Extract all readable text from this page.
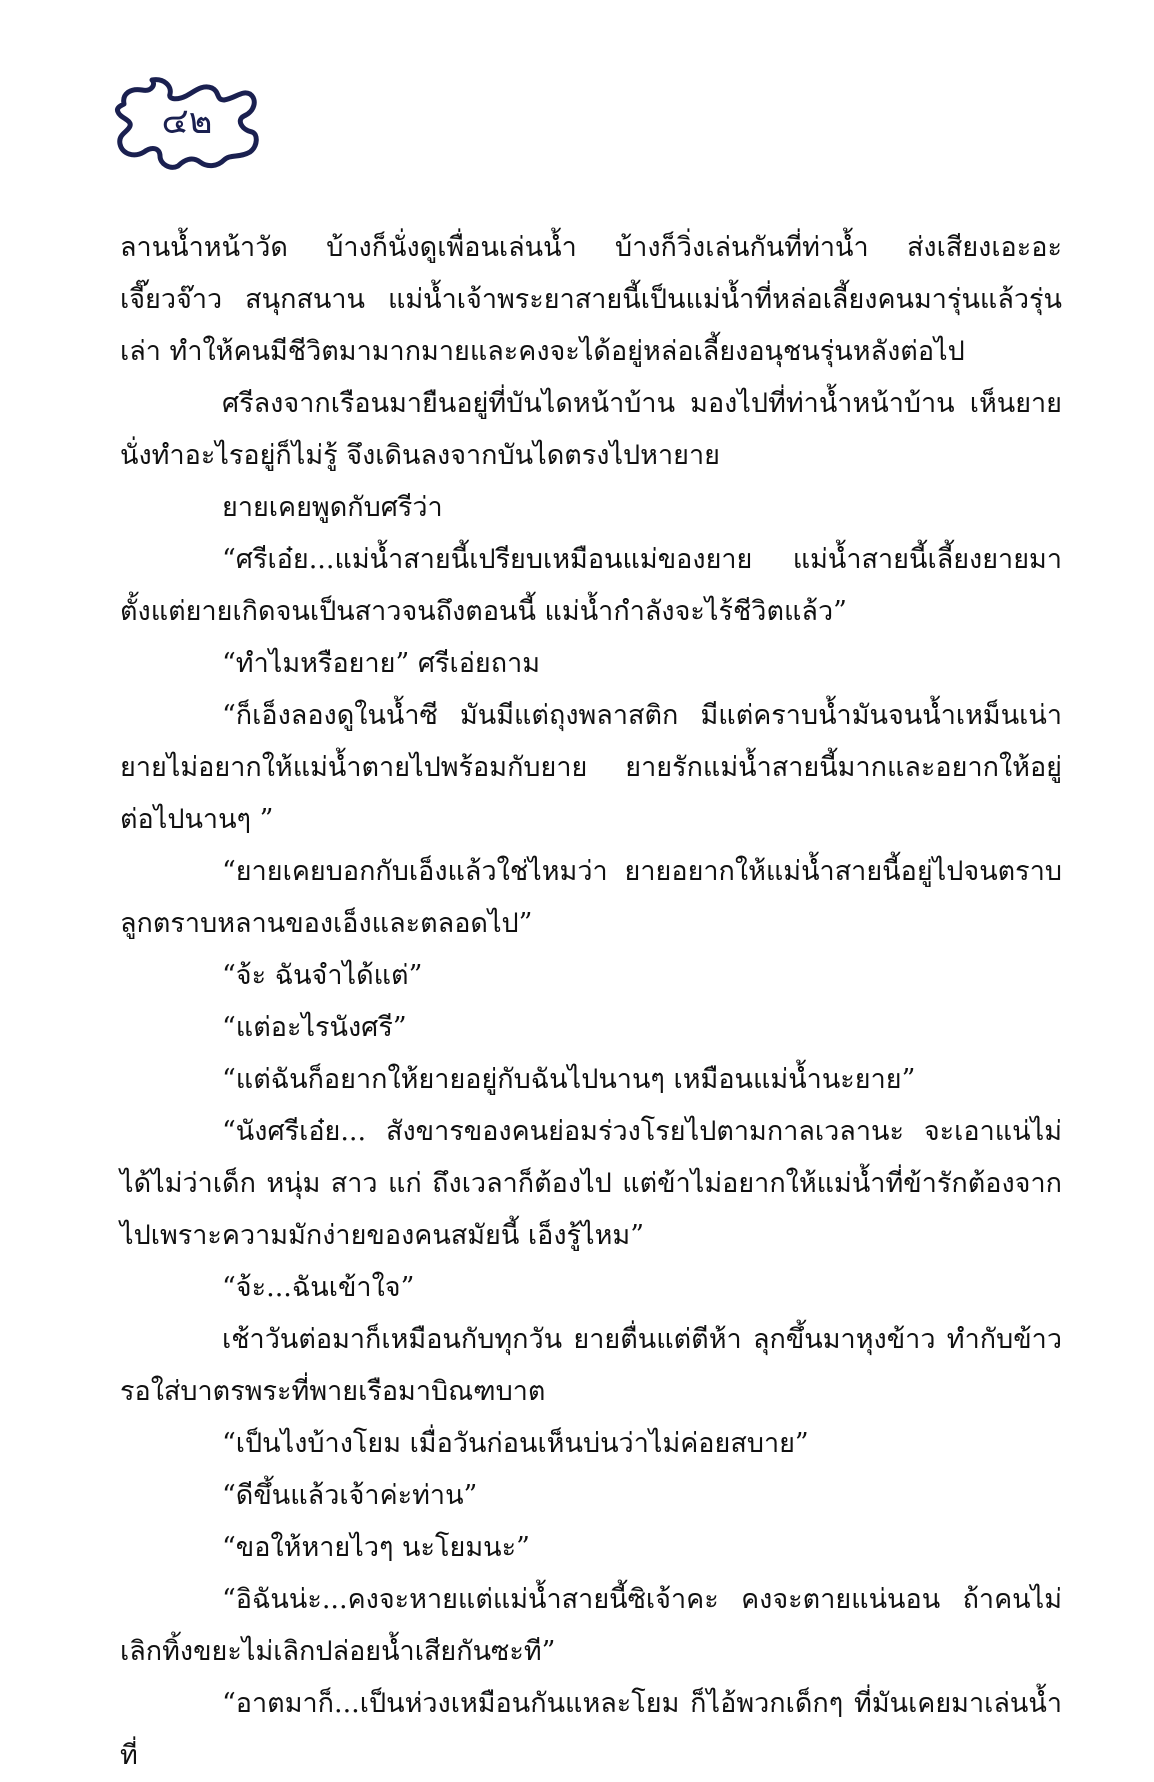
๔๒

ลานน้ำหน้าวัด บ้างก็นั่งดูเพื่อนเล่นน้ำ บ้างก็วิ่งเล่นกันที่ท่าน้ำ ส่งเสียงเอะอะ เจี๊ยวจ๊าว สนุกสนาน แม่น้ำเจ้าพระยาสายนี้เป็นแม่น้ำที่หล่อเลี้ยงคนมารุ่นแล้วรุ่นเล่า ทำให้คนมีชีวิตมามากมายและคงจะได้อยู่หล่อเลี้ยงอนุชนรุ่นหลังต่อไป

ศรีลงจากเรือนมายืนอยู่ที่บันไดหน้าบ้าน มองไปที่ท่าน้ำหน้าบ้าน เห็นยายนั่งทำอะไรอยู่ก็ไม่รู้ จึงเดินลงจากบันไดตรงไปหายาย

ยายเคยพูดกับศรีว่า

“ศรีเอ๋ย...แม่น้ำสายนี้เปรียบเหมือนแม่ของยาย แม่น้ำสายนี้เลี้ยงยายมาตั้งแต่ยายเกิดจนเป็นสาวจนถึงตอนนี้ แม่น้ำกำลังจะไร้ชีวิตแล้ว”

“ทำไมหรือยาย” ศรีเอ่ยถาม

“ก็เอ็งลองดูในน้ำซี มันมีแต่ถุงพลาสติก มีแต่คราบน้ำมันจนน้ำเหม็นเน่า ยายไม่อยากให้แม่น้ำตายไปพร้อมกับยาย ยายรักแม่น้ำสายนี้มากและอยากให้อยู่ต่อไปนานๆ ”

“ยายเคยบอกกับเอ็งแล้วใช่ไหมว่า ยายอยากให้แม่น้ำสายนี้อยู่ไปจนตราบลูกตราบหลานของเอ็งและตลอดไป”

“จ้ะ ฉันจำได้แต่”

“แต่อะไรนังศรี”

“แต่ฉันก็อยากให้ยายอยู่กับฉันไปนานๆ เหมือนแม่น้ำนะยาย”

“นังศรีเอ๋ย... สังขารของคนย่อมร่วงโรยไปตามกาลเวลานะ จะเอาแน่ไม่ได้ไม่ว่าเด็ก หนุ่ม สาว แก่ ถึงเวลาก็ต้องไป แต่ข้าไม่อยากให้แม่น้ำที่ข้ารักต้องจากไปเพราะความมักง่ายของคนสมัยนี้ เอ็งรู้ไหม”

“จ้ะ...ฉันเข้าใจ”

เช้าวันต่อมาก็เหมือนกับทุกวัน ยายตื่นแต่ตีห้า ลุกขึ้นมาหุงข้าว ทำกับข้าวรอใส่บาตรพระที่พายเรือมาบิณฑบาต

“เป็นไงบ้างโยม เมื่อวันก่อนเห็นบ่นว่าไม่ค่อยสบาย”

“ดีขึ้นแล้วเจ้าค่ะท่าน”

“ขอให้หายไวๆ นะโยมนะ”

“อิฉันน่ะ...คงจะหายแต่แม่น้ำสายนี้ซิเจ้าคะ คงจะตายแน่นอน ถ้าคนไม่เลิกทิ้งขยะไม่เลิกปล่อยน้ำเสียกันซะที”

“อาตมาก็...เป็นห่วงเหมือนกันแหละโยม ก็ไอ้พวกเด็กๆ ที่มันเคยมาเล่นน้ำที่
